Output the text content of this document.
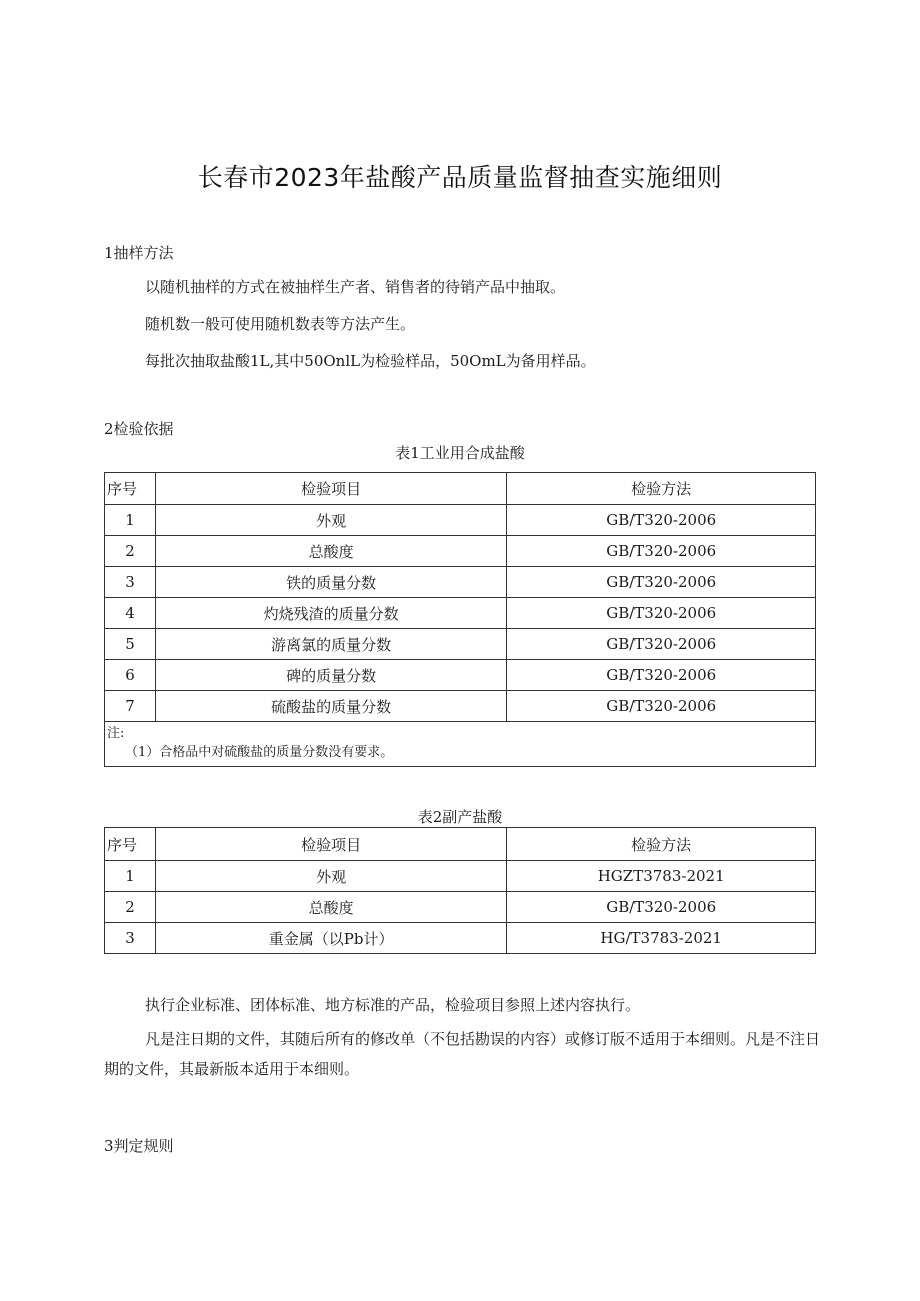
长春市2023年盐酸产品质量监督抽查实施细则
1抽样方法
以随机抽样的方式在被抽样生产者、销售者的待销产品中抽取。
随机数一般可使用随机数表等方法产生。
每批次抽取盐酸1L,其中50OnlL为检验样品，50OmL为备用样品。
2检验依据
表1工业用合成盐酸
序号	检验项目	检验方法
1	外观	GB/T320-2006
2	总酸度	GB/T320-2006
3	铁的质量分数	GB/T320-2006
4	灼烧残渣的质量分数	GB/T320-2006
5	游离氯的质量分数	GB/T320-2006
6	碑的质量分数	GB/T320-2006
7	硫酸盐的质量分数	GB/T320-2006
注:
（1）合格品中对硫酸盐的质量分数没有要求。		
表2副产盐酸
序号	检验项目	检验方法
1	外观	HGZT3783-2021
2	总酸度	GB/T320-2006
3	重金属（以Pb计）	HG/T3783-2021
执行企业标准、团体标准、地方标准的产品，检验项目参照上述内容执行。
凡是注日期的文件，其随后所有的修改单（不包括勘误的内容）或修订版不适用于本细则。凡是不注日期的文件，其最新版本适用于本细则。
3判定规则
